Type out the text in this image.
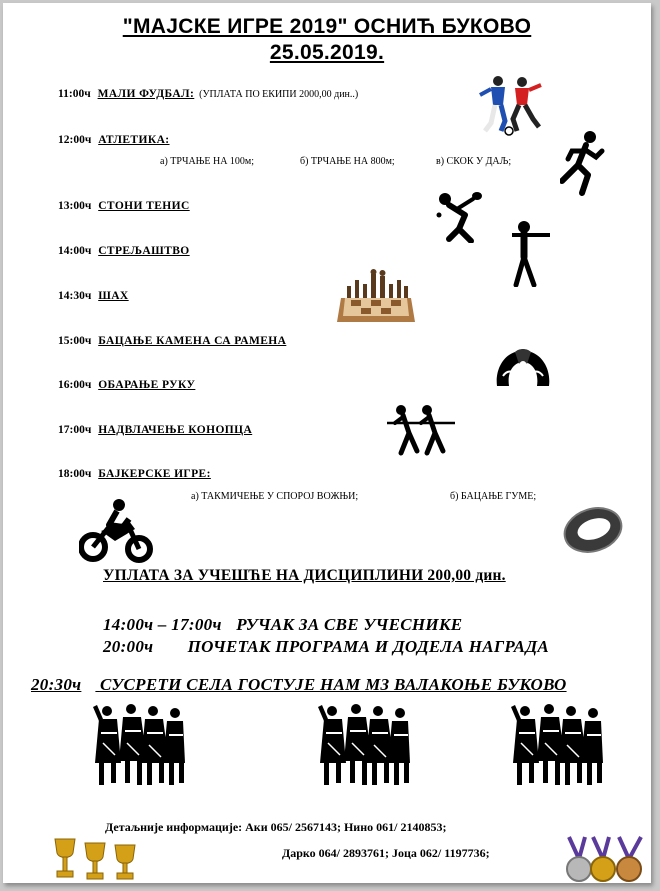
"МАЈСКЕ ИГРЕ 2019" ОСНИЋ БУКОВО
25.05.2019.
11:00ч МАЛИ ФУДБАЛ: (УПЛАТА ПО ЕКИПИ 2000,00 дин..)
12:00ч АТЛЕТИКА:
а) ТРЧАЊЕ НА 100м;	б) ТРЧАЊЕ НА 800м;	в) СКОК У ДАЉ;
13:00ч СТОНИ ТЕНИС
14:00ч СТРЕЉАШТВО
14:30ч ШАХ
15:00ч БАЦАЊЕ КАМЕНА СА РАМЕНА
16:00ч ОБАРАЊЕ РУКУ
17:00ч НАДВЛАЧЕЊЕ КОНОПЦА
18:00ч БАЈКЕРСКЕ ИГРЕ:
а) ТАКМИЧЕЊЕ У СПОРОЈ ВОЖЊИ;	б) БАЦАЊЕ ГУМЕ;
УПЛАТА ЗА УЧЕШЋЕ НА ДИСЦИПЛИНИ 200,00 дин.
14:00ч – 17:00ч РУЧАК ЗА СВЕ УЧЕСНИКЕ
20:00ч ПОЧЕТАК ПРОГРАМА И ДОДЕЛА НАГРАДА
20:30ч СУСРЕТИ СЕЛА ГОСТУЈЕ НАМ МЗ ВАЛАКОЊЕ БУКОВО
Детаљније информације: Аки 065/ 2567143; Нино 061/ 2140853;
Дарко 064/ 2893761; Јоца 062/ 1197736;
